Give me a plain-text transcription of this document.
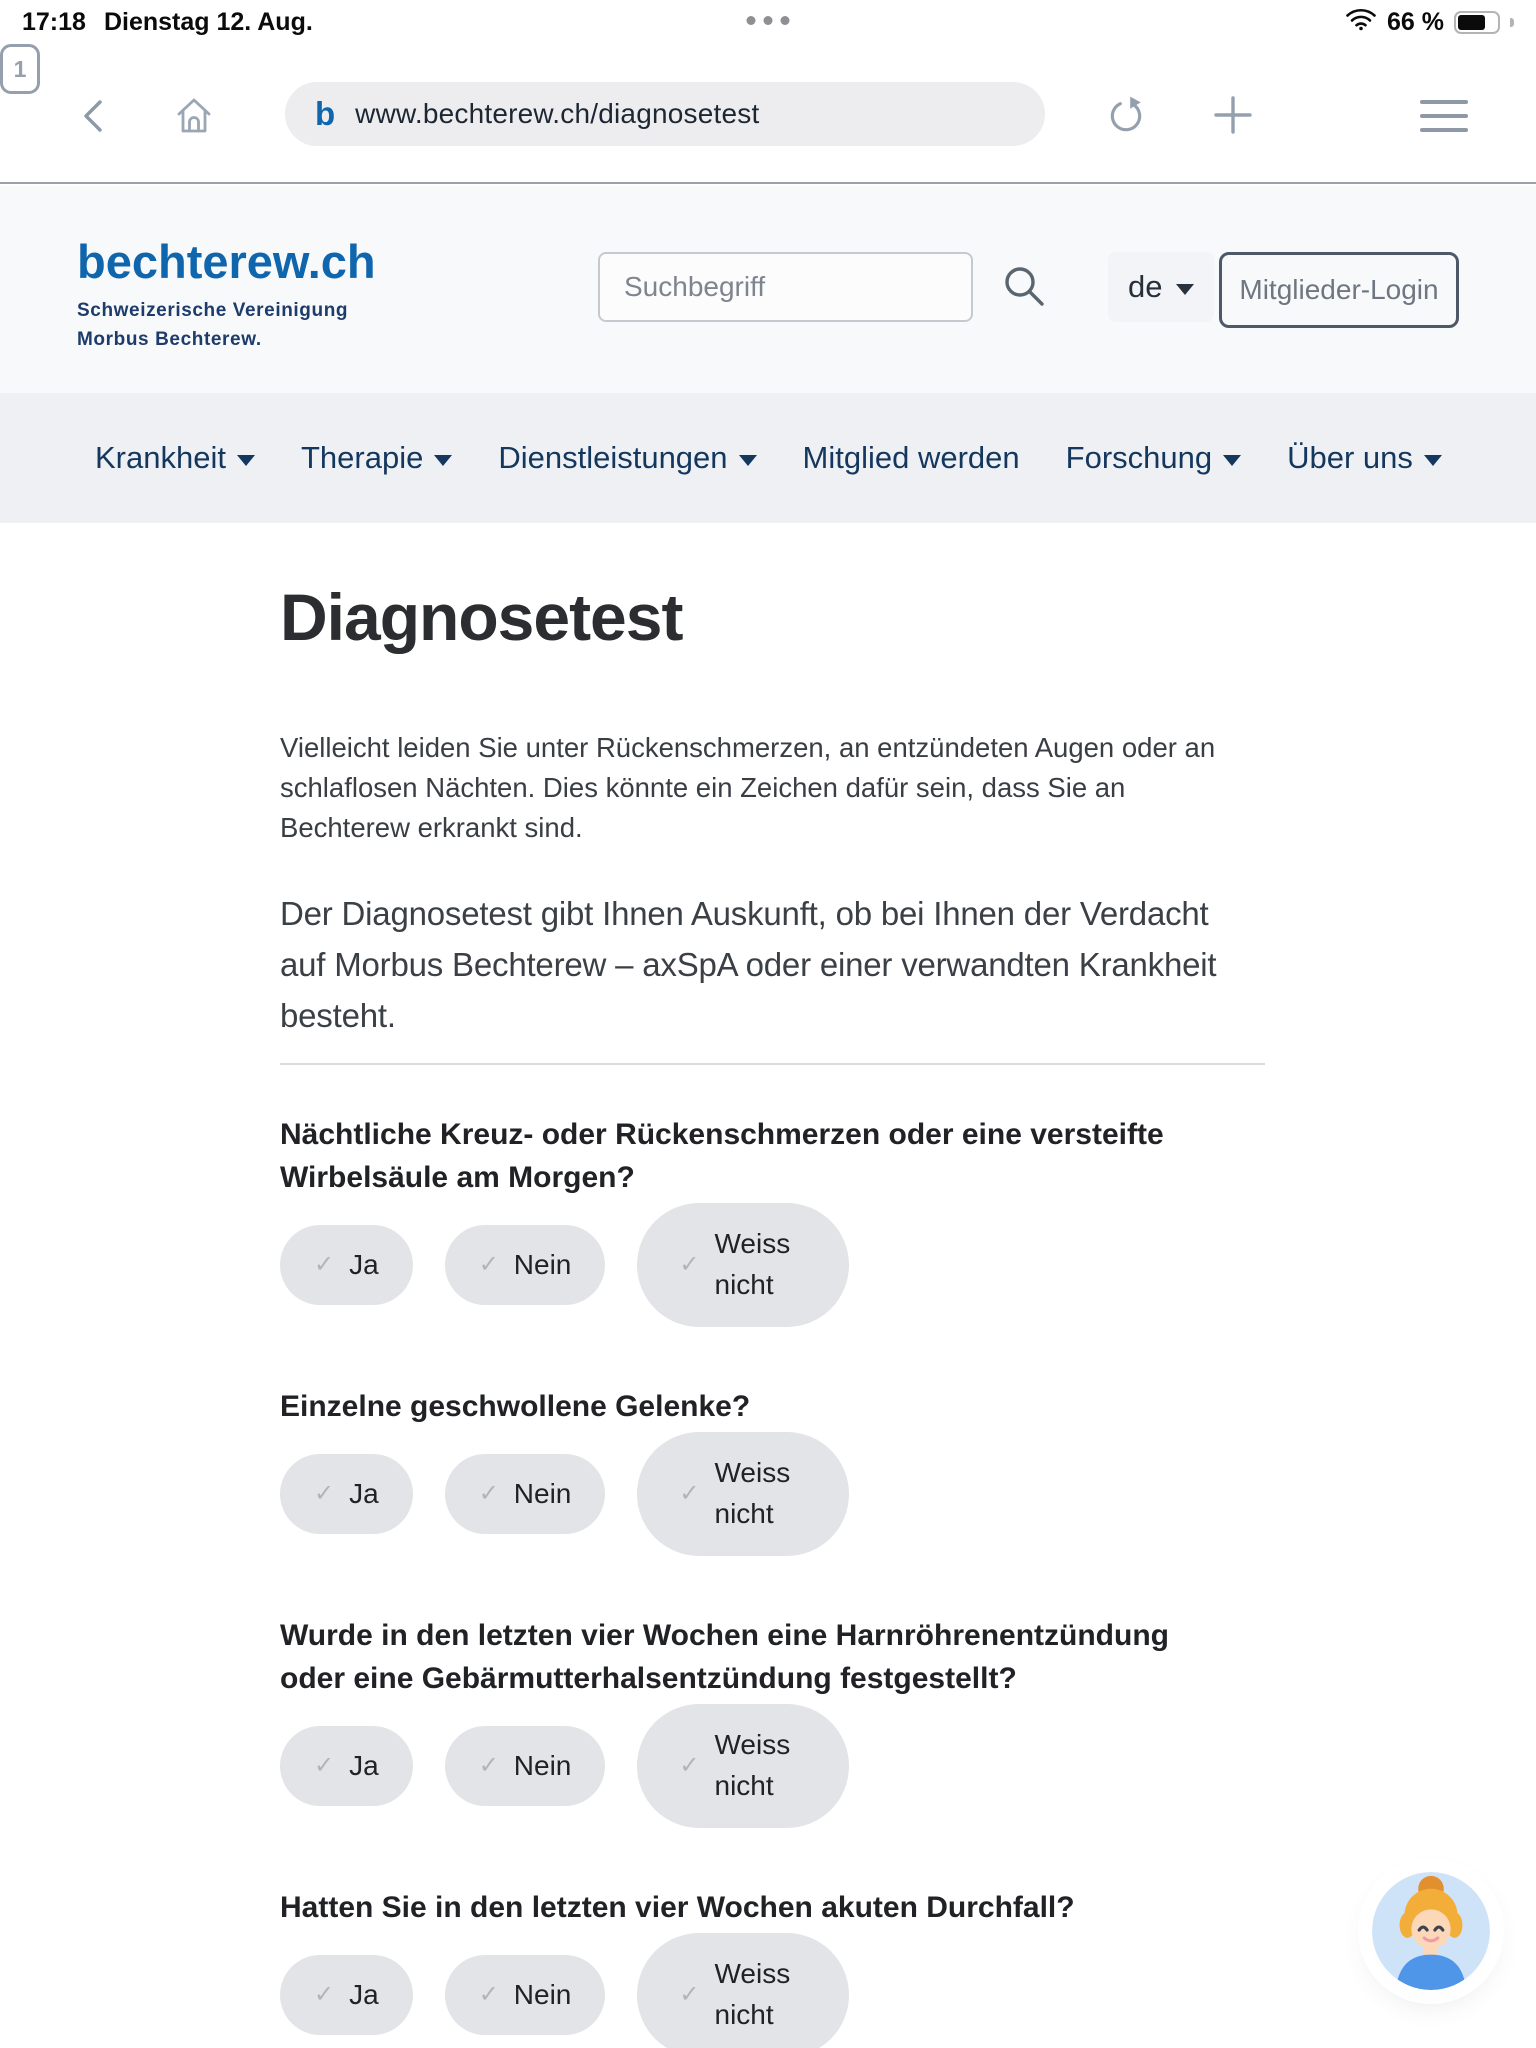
17:18 Dienstag 12. Aug.	66 %
b www.bechterew.ch/diagnosetest
1
bechterew.ch
Schweizerische Vereinigung
Morbus Bechterew.
Suchbegriff
de	Mitglieder-Login
Krankheit Therapie Dienstleistungen Mitglied werden Forschung Über uns
Diagnosetest

Vielleicht leiden Sie unter Rückenschmerzen, an entzündeten Augen oder an schlaflosen Nächten. Dies könnte ein Zeichen dafür sein, dass Sie an Bechterew erkrankt sind.

Der Diagnosetest gibt Ihnen Auskunft, ob bei Ihnen der Verdacht auf Morbus Bechterew – axSpA oder einer verwandten Krankheit besteht.

Nächtliche Kreuz- oder Rückenschmerzen oder eine versteifte Wirbelsäule am Morgen?
✓ Ja	✓ Nein	✓
Weiss nicht
Einzelne geschwollene Gelenke?
✓ Ja	✓ Nein	✓
Weiss nicht
Wurde in den letzten vier Wochen eine Harnröhrenentzündung oder eine Gebärmutterhalsentzündung festgestellt?
✓ Ja	✓ Nein	✓
Weiss nicht
Hatten Sie in den letzten vier Wochen akuten Durchfall?
✓ Ja	✓ Nein	✓
Weiss nicht
